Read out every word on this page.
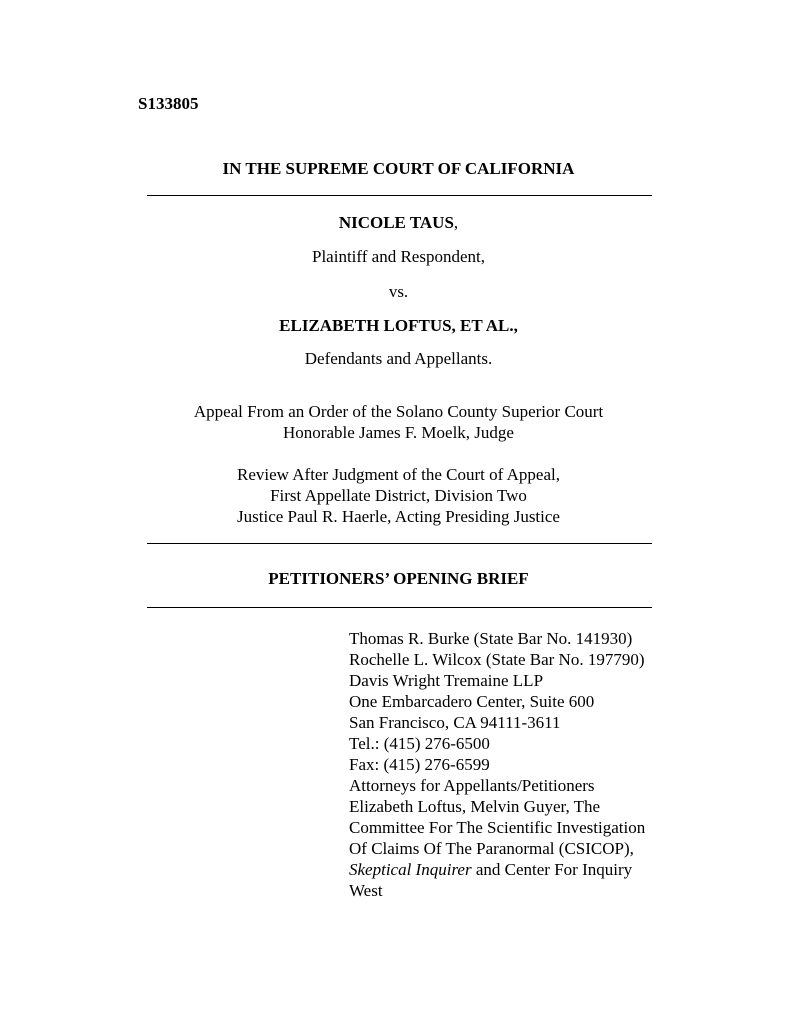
S133805
IN THE SUPREME COURT OF CALIFORNIA
NICOLE TAUS,
Plaintiff and Respondent,
vs.
ELIZABETH LOFTUS, ET AL.,
Defendants and Appellants.
Appeal From an Order of the Solano County Superior Court
Honorable James F. Moelk, Judge
Review After Judgment of the Court of Appeal,
First Appellate District, Division Two
Justice Paul R. Haerle, Acting Presiding Justice
PETITIONERS’ OPENING BRIEF
Thomas R. Burke (State Bar No. 141930)
Rochelle L. Wilcox (State Bar No. 197790)
Davis Wright Tremaine LLP
One Embarcadero Center, Suite 600
San Francisco, CA 94111-3611
Tel.: (415) 276-6500
Fax: (415) 276-6599
Attorneys for Appellants/Petitioners
Elizabeth Loftus, Melvin Guyer, The
Committee For The Scientific Investigation
Of Claims Of The Paranormal (CSICOP),
Skeptical Inquirer and Center For Inquiry
West
